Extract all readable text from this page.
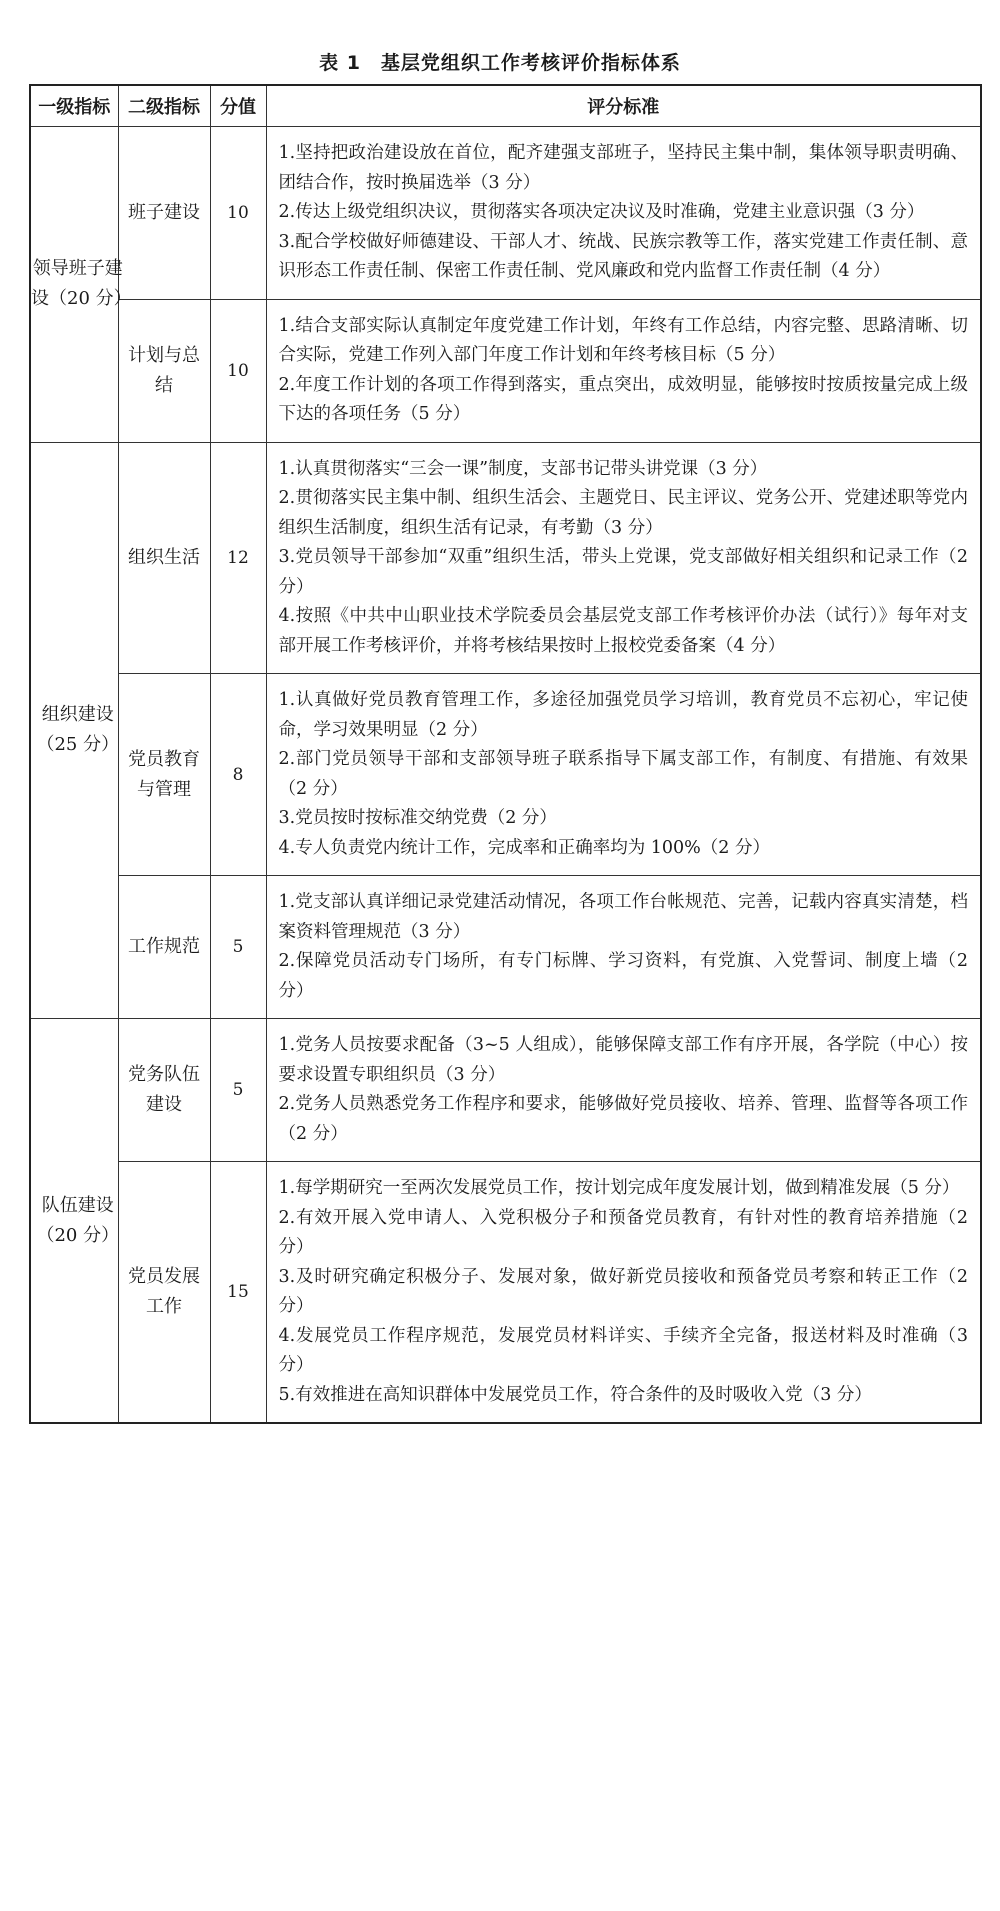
表 1　基层党组织工作考核评价指标体系
一级指标	二级指标	分值	评分标准
领导班子建设（20 分）	班子建设	10	1.坚持把政治建设放在首位，配齐建强支部班子，坚持民主集中制，集体领导职责明确、团结合作，按时换届选举（3 分）
2.传达上级党组织决议，贯彻落实各项决定决议及时准确，党建主业意识强（3 分）
3.配合学校做好师德建设、干部人才、统战、民族宗教等工作，落实党建工作责任制、意识形态工作责任制、保密工作责任制、党风廉政和党内监督工作责任制（4 分）

	计划与总结	10	1.结合支部实际认真制定年度党建工作计划，年终有工作总结，内容完整、思路清晰、切合实际，党建工作列入部门年度工作计划和年终考核目标（5 分）
2.年度工作计划的各项工作得到落实，重点突出，成效明显，能够按时按质按量完成上级下达的各项任务（5 分）

组织建设（25 分）	组织生活	12	1.认真贯彻落实“三会一课”制度，支部书记带头讲党课（3 分）
2.贯彻落实民主集中制、组织生活会、主题党日、民主评议、党务公开、党建述职等党内组织生活制度，组织生活有记录，有考勤（3 分）
3.党员领导干部参加“双重”组织生活，带头上党课，党支部做好相关组织和记录工作（2 分）
4.按照《中共中山职业技术学院委员会基层党支部工作考核评价办法（试行）》每年对支部开展工作考核评价，并将考核结果按时上报校党委备案（4 分）

	党员教育与管理	8	1.认真做好党员教育管理工作，多途径加强党员学习培训，教育党员不忘初心，牢记使命，学习效果明显（2 分）
2.部门党员领导干部和支部领导班子联系指导下属支部工作，有制度、有措施、有效果（2 分）
3.党员按时按标准交纳党费（2 分）
4.专人负责党内统计工作，完成率和正确率均为 100%（2 分）

	工作规范	5	1.党支部认真详细记录党建活动情况，各项工作台帐规范、完善，记载内容真实清楚，档案资料管理规范（3 分）
2.保障党员活动专门场所，有专门标牌、学习资料，有党旗、入党誓词、制度上墙（2 分）

队伍建设（20 分）	党务队伍建设	5	1.党务人员按要求配备（3~5 人组成），能够保障支部工作有序开展，各学院（中心）按要求设置专职组织员（3 分）
2.党务人员熟悉党务工作程序和要求，能够做好党员接收、培养、管理、监督等各项工作（2 分）

	党员发展工作	15	1.每学期研究一至两次发展党员工作，按计划完成年度发展计划，做到精准发展（5 分）
2.有效开展入党申请人、入党积极分子和预备党员教育，有针对性的教育培养措施（2 分）
3.及时研究确定积极分子、发展对象，做好新党员接收和预备党员考察和转正工作（2 分）
4.发展党员工作程序规范，发展党员材料详实、手续齐全完备，报送材料及时准确（3 分）
5.有效推进在高知识群体中发展党员工作，符合条件的及时吸收入党（3 分）
